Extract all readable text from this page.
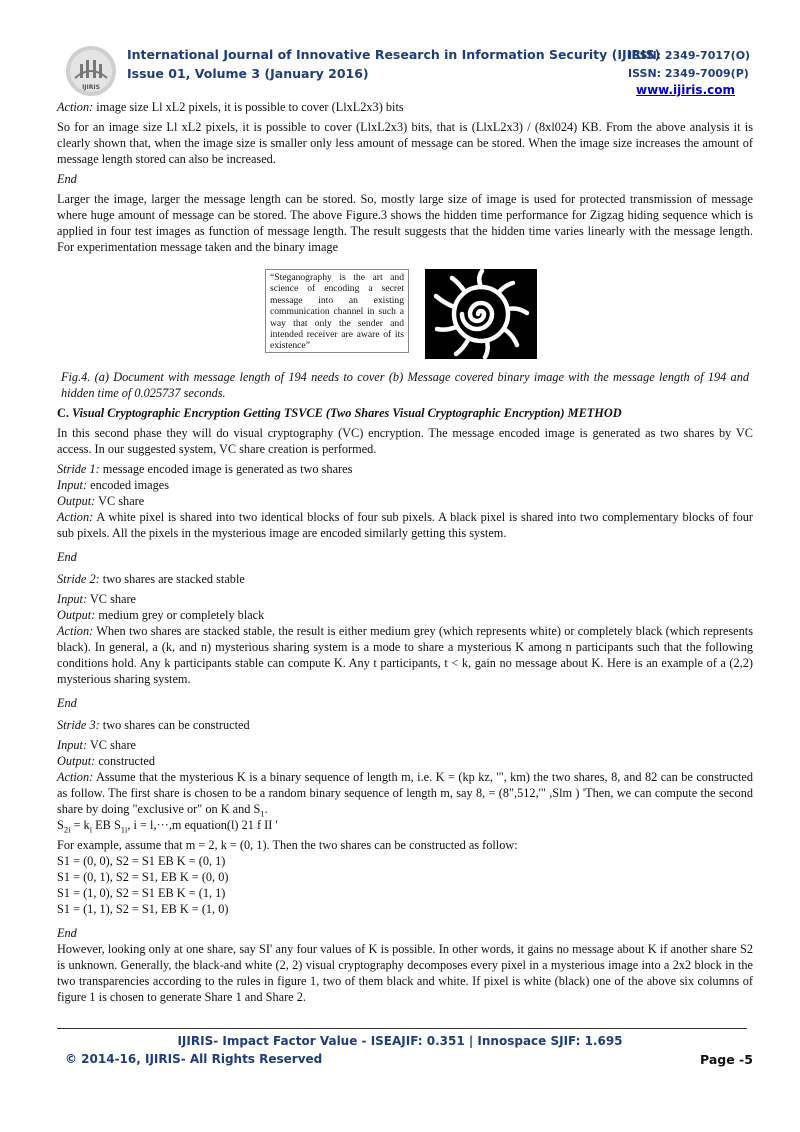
IJIRIS
International Journal of Innovative Research in Information Security (IJIRIS)
Issue 01, Volume 3 (January 2016)
ISSN: 2349-7017(O)
ISSN: 2349-7009(P)
www.ijiris.com

Action: image size Ll xL2 pixels, it is possible to cover (LlxL2x3) bits

So for an image size Ll xL2 pixels, it is possible to cover (LlxL2x3) bits, that is (LlxL2x3) / (8xl024) KB. From the above analysis it is clearly shown that, when the image size is smaller only less amount of message can be stored. When the image size increases the amount of message length stored can also be increased.

End

Larger the image, larger the message length can be stored. So, mostly large size of image is used for protected transmission of message where huge amount of message can be stored. The above Figure.3 shows the hidden time performance for Zigzag hiding sequence which is applied in four test images as function of message length. The result suggests that the hidden time varies linearly with the message length. For experimentation message taken and the binary image

“Steganography is the art and science of encoding a secret message into an existing communication channel in such a way that only the sender and intended receiver are aware of its existence”

Fig.4. (a) Document with message length of 194 needs to cover (b) Message covered binary image with the message length of 194 and hidden time of 0.025737 seconds.

C. Visual Cryptographic Encryption Getting TSVCE (Two Shares Visual Cryptographic Encryption) METHOD

In this second phase they will do visual cryptography (VC) encryption. The message encoded image is generated as two shares by VC access. In our suggested system, VC share creation is performed.

Stride 1: message encoded image is generated as two shares
Input: encoded images
Output: VC share

Action: A white pixel is shared into two identical blocks of four sub pixels. A black pixel is shared into two complementary blocks of four sub pixels. All the pixels in the mysterious image are encoded similarly getting this system.

End

Stride 2: two shares are stacked stable
Input: VC share
Output: medium grey or completely black

Action: When two shares are stacked stable, the result is either medium grey (which represents white) or completely black (which represents black). In general, a (k, and n) mysterious sharing system is a mode to share a mysterious K among n participants such that the following conditions hold. Any k participants stable can compute K. Any t participants, t < k, gain no message about K. Here is an example of a (2,2) mysterious sharing system.

End

Stride 3: two shares can be constructed
Input: VC share
Output: constructed

Action: Assume that the mysterious K is a binary sequence of length m, i.e. K = (kp kz, '", km) the two shares, 8, and 82 can be constructed as follow. The first share is chosen to be a random binary sequence of length m, say 8, = (8",512,'" ,Slm ) 'Then, we can compute the second share by doing "exclusive or" on K and $S_1$.

$S_{2i} = k_i$ EB $S_{1i}$, i = l,···,m equation(l) 21 f II '

For example, assume that m = 2, k = (0, 1). Then the two shares can be constructed as follow:

S1 = (0, 0), S2 = S1 EB K = (0, 1)
S1 = (0, 1), S2 = S1, EB K = (0, 0)
S1 = (1, 0), S2 = S1 EB K = (1, 1)
S1 = (1, 1), S2 = S1, EB K = (1, 0)

End

However, looking only at one share, say SI' any four values of K is possible. In other words, it gains no message about K if another share S2 is unknown. Generally, the black-and white (2, 2) visual cryptography decomposes every pixel in a mysterious image into a 2x2 block in the two transparencies according to the rules in figure 1, two of them black and white. If pixel is white (black) one of the above six columns of figure 1 is chosen to generate Share 1 and Share 2.

IJIRIS- Impact Factor Value - ISEAJIF: 0.351 | Innospace SJIF: 1.695
© 2014-16, IJIRIS- All Rights Reserved	Page -5
